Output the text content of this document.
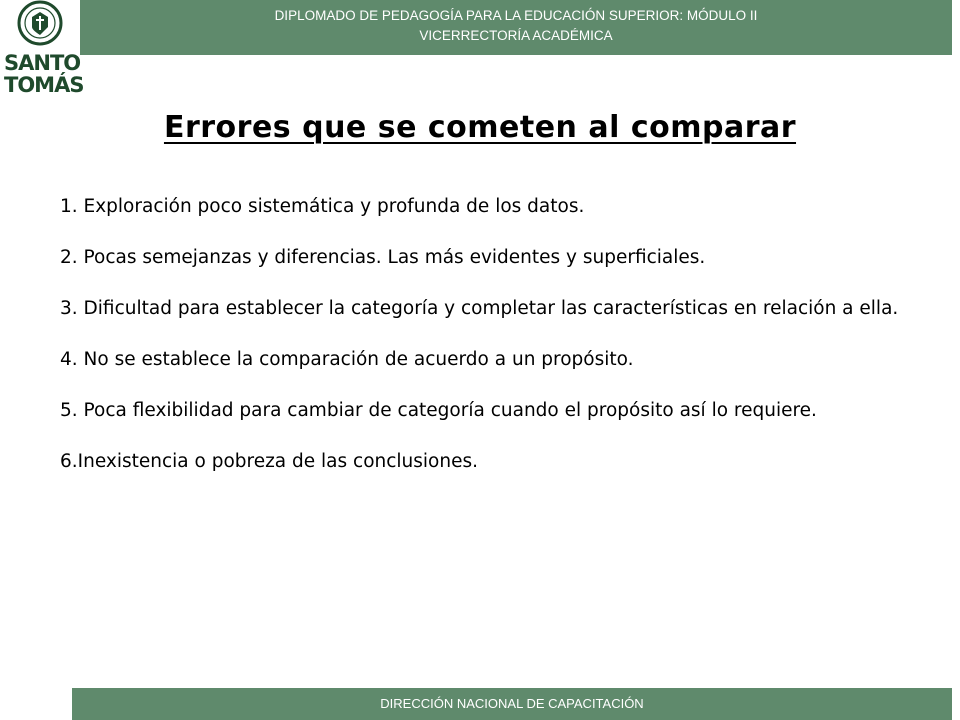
DIPLOMADO DE PEDAGOGÍA PARA LA EDUCACIÓN SUPERIOR: MÓDULO II
VICERRECTORÍA ACADÉMICA
SANTO
TOMÁS
Errores que se cometen al comparar

1. Exploración poco sistemática y profunda de los datos.

2. Pocas semejanzas y diferencias. Las más evidentes y superficiales.

3. Dificultad para establecer la categoría y completar las características en relación a ella.

4. No se establece la comparación de acuerdo a un propósito.

5. Poca flexibilidad para cambiar de categoría cuando el propósito así lo requiere.

6.Inexistencia o pobreza de las conclusiones.

DIRECCIÓN NACIONAL DE CAPACITACIÓN
